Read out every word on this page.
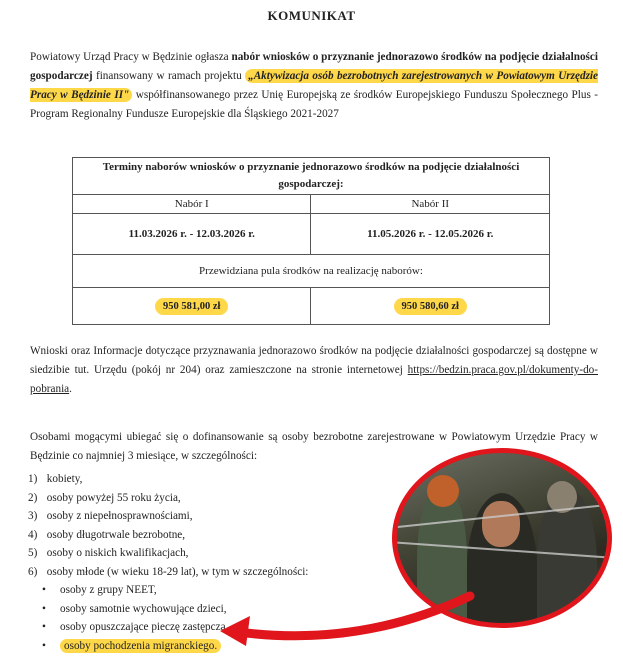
KOMUNIKAT
Powiatowy Urząd Pracy w Będzinie ogłasza nabór wniosków o przyznanie jednorazowo środków na podjęcie działalności gospodarczej finansowany w ramach projektu „Aktywizacja osób bezrobotnych zarejestrowanych w Powiatowym Urzędzie Pracy w Będzinie II" współfinansowanego przez Unię Europejską ze środków Europejskiego Funduszu Społecznego Plus - Program Regionalny Fundusze Europejskie dla Śląskiego 2021-2027
Terminy naborów wniosków o przyznanie jednorazowo środków na podjęcie działalności gospodarczej:	
Nabór I	Nabór II
11.03.2026 r. - 12.03.2026 r.	11.05.2026 r. - 12.05.2026 r.
Przewidziana pula środków na realizację naborów:	
950 581,00 zł	950 580,60 zł
Wnioski oraz Informacje dotyczące przyznawania jednorazowo środków na podjęcie działalności gospodarczej są dostępne w siedzibie tut. Urzędu (pokój nr 204) oraz zamieszczone na stronie internetowej https://bedzin.praca.gov.pl/dokumenty-do-pobrania.
Osobami mogącymi ubiegać się o dofinansowanie są osoby bezrobotne zarejestrowane w Powiatowym Urzędzie Pracy w Będzinie co najmniej 3 miesiące, w szczególności:
1) kobiety,
2) osoby powyżej 55 roku życia,
3) osoby z niepełnosprawnościami,
4) osoby długotrwale bezrobotne,
5) osoby o niskich kwalifikacjach,
6) osoby młode (w wieku 18-29 lat), w tym w szczególności:
• osoby z grupy NEET,
• osoby samotnie wychowujące dzieci,
• osoby opuszczające pieczę zastępczą,
• osoby pochodzenia migranckiego.
